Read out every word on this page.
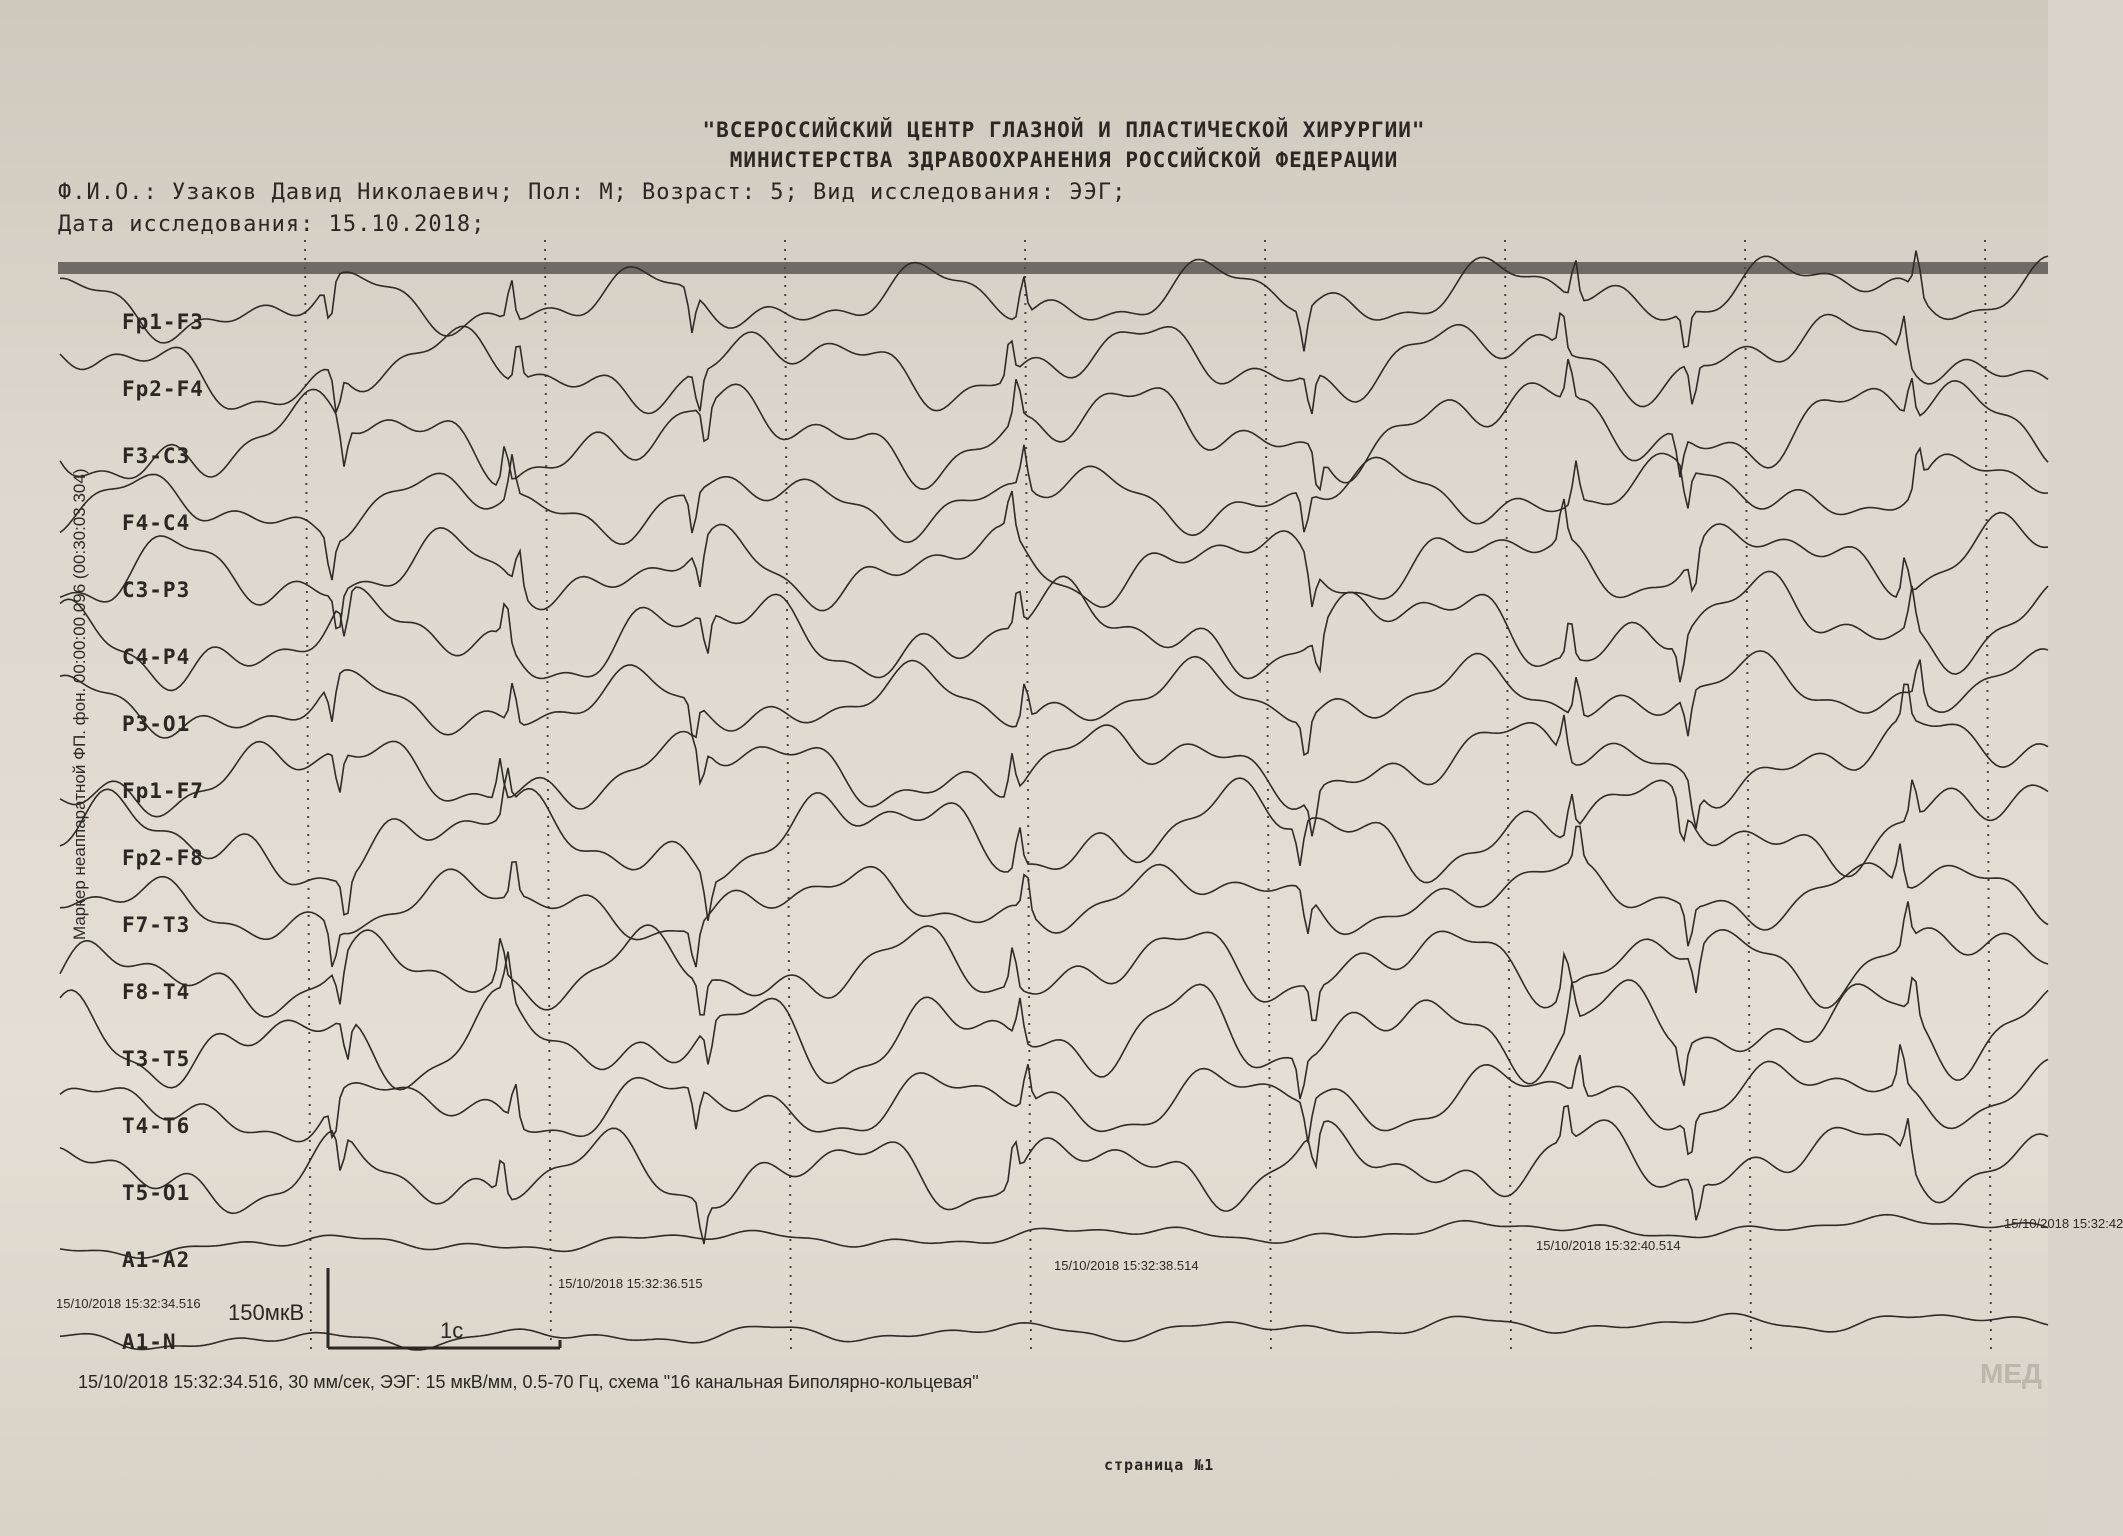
"ВСЕРОССИЙСКИЙ ЦЕНТР ГЛАЗНОЙ И ПЛАСТИЧЕСКОЙ ХИРУРГИИ"
МИНИСТЕРСТВА ЗДРАВООХРАНЕНИЯ РОССИЙСКОЙ ФЕДЕРАЦИИ
Ф.И.О.: Узаков Давид Николаевич; Пол: М; Возраст: 5; Вид исследования: ЭЭГ;
Дата исследования: 15.10.2018;
Маркер неаппаратной ФП. фон. 00:00:00.096 (00:30:03.304)
Fp1-F3
Fp2-F4
F3-C3
F4-C4
C3-P3
C4-P4
P3-O1
Fp1-F7
Fp2-F8
F7-T3
F8-T4
T3-T5
T4-T6
T5-O1
A1-A2
A1-N
15/10/2018 15:32:34.516
15/10/2018 15:32:36.515
15/10/2018 15:32:38.514
15/10/2018 15:32:40.514
15/10/2018 15:32:42
150мкВ
1с
15/10/2018 15:32:34.516, 30 мм/сек, ЭЭГ: 15 мкВ/мм, 0.5-70 Гц, схема "16 канальная Биполярно-кольцевая"
страница №1
МЕД
